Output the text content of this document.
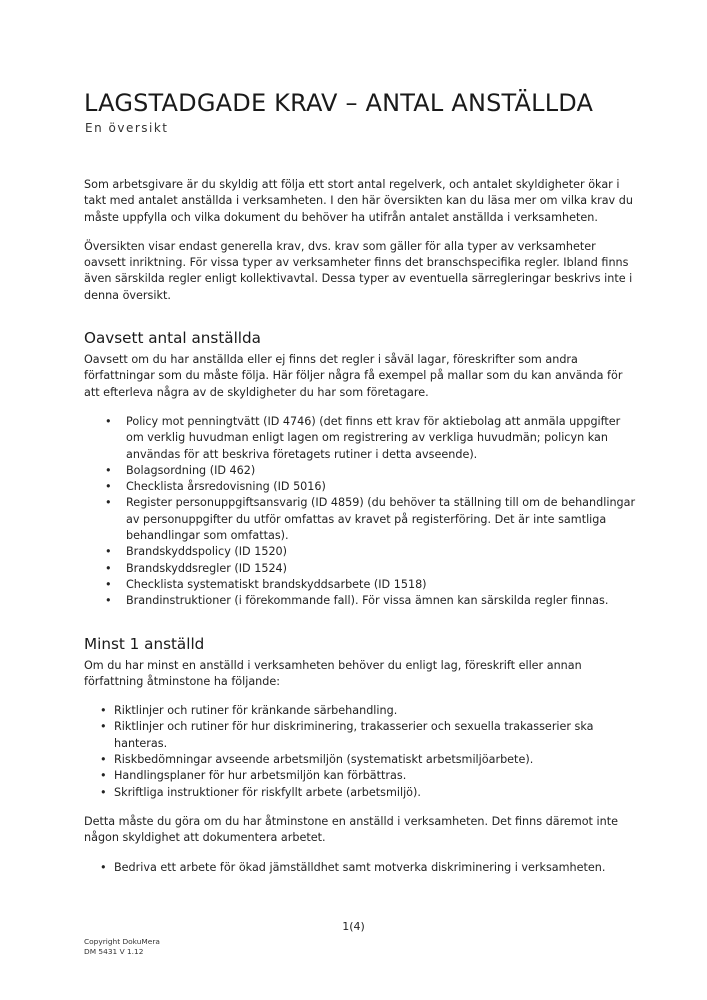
LAGSTADGADE KRAV – ANTAL ANSTÄLLDA
En översikt

Som arbetsgivare är du skyldig att följa ett stort antal regelverk, och antalet skyldigheter ökar i takt med antalet anställda i verksamheten. I den här översikten kan du läsa mer om vilka krav du måste uppfylla och vilka dokument du behöver ha utifrån antalet anställda i verksamheten.

Översikten visar endast generella krav, dvs. krav som gäller för alla typer av verksamheter oavsett inriktning. För vissa typer av verksamheter finns det branschspecifika regler. Ibland finns även särskilda regler enligt kollektivavtal. Dessa typer av eventuella särregleringar beskrivs inte i denna översikt.

Oavsett antal anställda

Oavsett om du har anställda eller ej finns det regler i såväl lagar, föreskrifter som andra författningar som du måste följa. Här följer några få exempel på mallar som du kan använda för att efterleva några av de skyldigheter du har som företagare.

• Policy mot penningtvätt (ID 4746) (det finns ett krav för aktiebolag att anmäla uppgifter om verklig huvudman enligt lagen om registrering av verkliga huvudmän; policyn kan användas för att beskriva företagets rutiner i detta avseende).
• Bolagsordning (ID 462)
• Checklista årsredovisning (ID 5016)
• Register personuppgiftsansvarig (ID 4859) (du behöver ta ställning till om de behandlingar av personuppgifter du utför omfattas av kravet på registerföring. Det är inte samtliga behandlingar som omfattas).
• Brandskyddspolicy (ID 1520)
• Brandskyddsregler (ID 1524)
• Checklista systematiskt brandskyddsarbete (ID 1518)
• Brandinstruktioner (i förekommande fall). För vissa ämnen kan särskilda regler finnas.
Minst 1 anställd

Om du har minst en anställd i verksamheten behöver du enligt lag, föreskrift eller annan författning åtminstone ha följande:

• Riktlinjer och rutiner för kränkande särbehandling.
• Riktlinjer och rutiner för hur diskriminering, trakasserier och sexuella trakasserier ska hanteras.
• Riskbedömningar avseende arbetsmiljön (systematiskt arbetsmiljöarbete).
• Handlingsplaner för hur arbetsmiljön kan förbättras.
• Skriftliga instruktioner för riskfyllt arbete (arbetsmiljö).

Detta måste du göra om du har åtminstone en anställd i verksamheten. Det finns däremot inte någon skyldighet att dokumentera arbetet.

• Bedriva ett arbete för ökad jämställdhet samt motverka diskriminering i verksamheten.
1(4)
Copyright DokuMera
DM 5431 V 1.12
